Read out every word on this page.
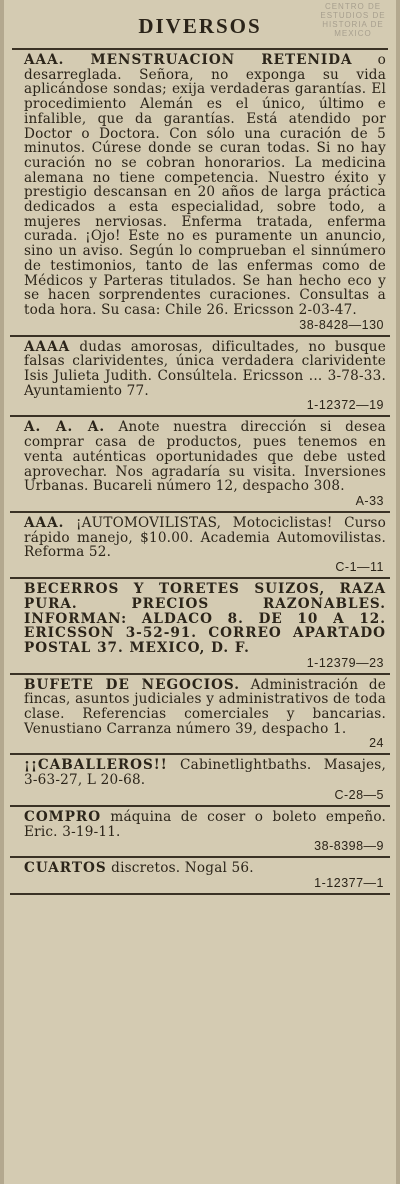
CENTRO DE ESTUDIOS DE HISTORIA DE MEXICO
DIVERSOS
AAA. MENSTRUACION RETENIDA o desarreglada. Señora, no exponga su vida aplicándose sondas; exija verdaderas garantías. El procedimiento Alemán es el único, último e infalible, que da garantías. Está atendido por Doctor o Doctora. Con sólo una curación de 5 minutos. Cúrese donde se curan todas. Si no hay curación no se cobran honorarios. La medicina alemana no tiene competencia. Nuestro éxito y prestigio descansan en 20 años de larga práctica dedicados a esta especialidad, sobre todo, a mujeres nerviosas. Enferma tratada, enferma curada. ¡Ojo! Este no es puramente un anuncio, sino un aviso. Según lo comprueban el sinnúmero de testimonios, tanto de las enfermas como de Médicos y Parteras titulados. Se han hecho eco y se hacen sorprendentes curaciones. Consultas a toda hora. Su casa: Chile 26. Ericsson 2-03-47.
38-8428—130
AAAA dudas amorosas, dificultades, no busque falsas clarividentes, única verdadera clarividente Isis Julieta Judith. Consúltela. Ericsson ... 3-78-33. Ayuntamiento 77.
1-12372—19
A. A. A. Anote nuestra dirección si desea comprar casa de productos, pues tenemos en venta auténticas oportunidades que debe usted aprovechar. Nos agradaría su visita. Inversiones Urbanas. Bucareli número 12, despacho 308.
A-33
AAA. ¡AUTOMOVILISTAS, Motociclistas! Curso rápido manejo, $10.00. Academia Automovilistas. Reforma 52.
C-1—11
BECERROS Y TORETES SUIZOS, RAZA PURA. PRECIOS RAZONABLES. INFORMAN: ALDACO 8. DE 10 A 12. ERICSSON 3-52-91. CORREO APARTADO POSTAL 37. MEXICO, D. F.
1-12379—23
BUFETE DE NEGOCIOS. Administración de fincas, asuntos judiciales y administrativos de toda clase. Referencias comerciales y bancarias. Venustiano Carranza número 39, despacho 1.
24
¡¡CABALLEROS!! Cabinetlightbaths. Masajes, 3-63-27, L 20-68.
C-28—5
COMPRO máquina de coser o boleto empeño. Eric. 3-19-11.
38-8398—9
CUARTOS discretos. Nogal 56.
1-12377—1
